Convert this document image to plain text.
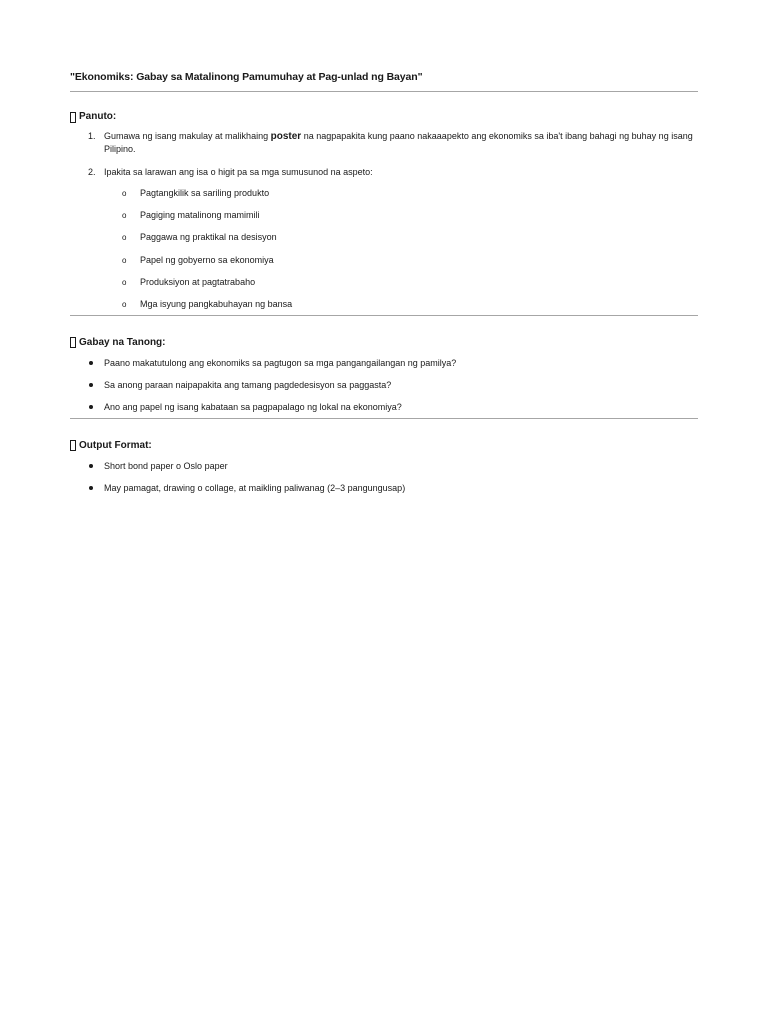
"Ekonomiks: Gabay sa Matalinong Pamumuhay at Pag-unlad ng Bayan"
Panuto:
1. Gumawa ng isang makulay at malikhaing poster na nagpapakita kung paano nakaaapekto ang ekonomiks sa iba't ibang bahagi ng buhay ng isang Pilipino.
2. Ipakita sa larawan ang isa o higit pa sa mga sumusunod na aspeto:
o Pagtangkilik sa sariling produkto
o Pagiging matalinong mamimili
o Paggawa ng praktikal na desisyon
o Papel ng gobyerno sa ekonomiya
o Produksiyon at pagtatrabaho
o Mga isyung pangkabuhayan ng bansa
Gabay na Tanong:
Paano makatutulong ang ekonomiks sa pagtugon sa mga pangangailangan ng pamilya?
Sa anong paraan naipapakita ang tamang pagdedesisyon sa paggasta?
Ano ang papel ng isang kabataan sa pagpapalago ng lokal na ekonomiya?
Output Format:
Short bond paper o Oslo paper
May pamagat, drawing o collage, at maikling paliwanag (2–3 pangungusap)
